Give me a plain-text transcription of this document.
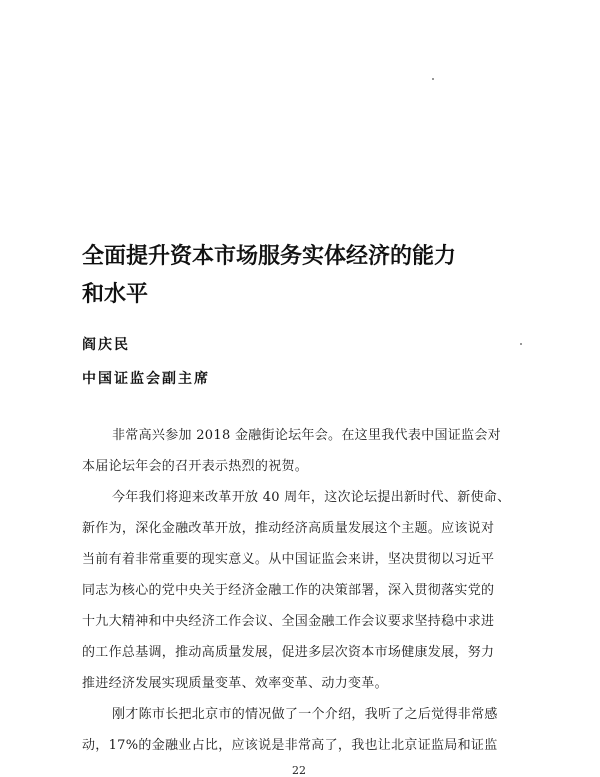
全面提升资本市场服务实体经济的能力
和水平
阎庆民
中国证监会副主席
非常高兴参加 2018 金融街论坛年会。在这里我代表中国证监会对
本届论坛年会的召开表示热烈的祝贺。
今年我们将迎来改革开放 40 周年，这次论坛提出新时代、新使命、
新作为，深化金融改革开放，推动经济高质量发展这个主题。应该说对
当前有着非常重要的现实意义。从中国证监会来讲，坚决贯彻以习近平
同志为核心的党中央关于经济金融工作的决策部署，深入贯彻落实党的
十九大精神和中央经济工作会议、全国金融工作会议要求坚持稳中求进
的工作总基调，推动高质量发展，促进多层次资本市场健康发展，努力
推进经济发展实现质量变革、效率变革、动力变革。
刚才陈市长把北京市的情况做了一个介绍，我听了之后觉得非常感
动，17%的金融业占比，应该说是非常高了，我也让北京证监局和证监
22
